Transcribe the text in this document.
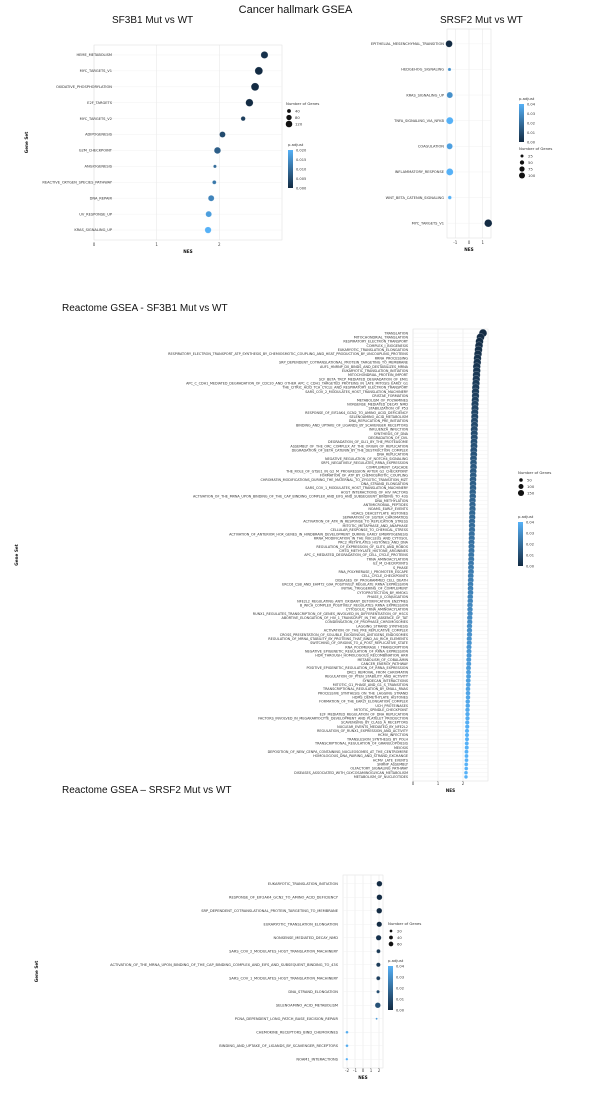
Cancer hallmark GSEA
SF3B1 Mut vs WT	SRSF2 Mut vs WT
Reactome GSEA - SF3B1 Mut vs WT
Reactome GSEA – SRSF2 Mut vs WT
0	1	2
HEME_METABOLISM
MYC_TARGETS_V1
OXIDATIVE_PHOSPHORYLATION
E2F_TARGETS
MYC_TARGETS_V2
ADIPOGENESIS
G2M_CHECKPOINT
ANGIOGENESIS
REACTIVE_OXYGEN_SPECIES_PATHWAY
DNA_REPAIR
UV_RESPONSE_UP
KRAS_SIGNALING_UP
NES
Gene Set
Number of Genes
40
80
120
p.adjust
0.020
0.015
0.010
0.005
0.000
-1	0	1
EPITHELIAL_MESENCHYMAL_TRANSITION
HEDGEHOG_SIGNALING
KRAS_SIGNALING_UP
TNFA_SIGNALING_VIA_NFKB
COAGULATION
INFLAMMATORY_RESPONSE
WNT_BETA_CATENIN_SIGNALING
MYC_TARGETS_V1
NES
Number of Genes
25
50
75
100
p.adjust
0.04
0.03
0.02
0.01
0.00
0	1	2
TRANSLATION
MITOCHONDRIAL_TRANSLATION
RESPIRATORY_ELECTRON_TRANSPORT
COMPLEX_I_BIOGENESIS
EUKARYOTIC_TRANSLATION_ELONGATION
RESPIRATORY_ELECTRON_TRANSPORT_ATP_SYNTHESIS_BY_CHEMIOSMOTIC_COUPLING_AND_HEAT_PRODUCTION_BY_UNCOUPLING_PROTEINS
RRNA_PROCESSING
SRP_DEPENDENT_COTRANSLATIONAL_PROTEIN_TARGETING_TO_MEMBRANE
AUF1_HNRNP_D0_BINDS_AND_DESTABILIZES_MRNA
EUKARYOTIC_TRANSLATION_INITIATION
MITOCHONDRIAL_PROTEIN_IMPORT
SCF_BETA_TRCP_MEDIATED_DEGRADATION_OF_EMI1
APC_C_CDH1_MEDIATED_DEGRADATION_OF_CDC20_AND_OTHER_APC_C_CDH1_TARGETED_PROTEINS_IN_LATE_MITOSIS_EARLY_G1
THE_CITRIC_ACID_TCA_CYCLE_AND_RESPIRATORY_ELECTRON_TRANSPORT
SARS_COV_2_MODULATES_HOST_TRANSLATION_MACHINERY
CRISTAE_FORMATION
METABOLISM_OF_POLYAMINES
NONSENSE_MEDIATED_DECAY_NMD
STABILIZATION_OF_P53
RESPONSE_OF_EIF2AK4_GCN2_TO_AMINO_ACID_DEFICIENCY
SELENOAMINO_ACID_METABOLISM
DNA_REPLICATION_PRE_INITIATION
BINDING_AND_UPTAKE_OF_LIGANDS_BY_SCAVENGER_RECEPTORS
INFLUENZA_INFECTION
SYNTHESIS_OF_DNA
DEGRADATION_OF_DVL
DEGRADATION_OF_GLI1_BY_THE_PROTEASOME
ASSEMBLY_OF_THE_ORC_COMPLEX_AT_THE_ORIGIN_OF_REPLICATION
DEGRADATION_OF_BETA_CATENIN_BY_THE_DESTRUCTION_COMPLEX
DNA_REPLICATION
NEGATIVE_REGULATION_OF_NOTCH4_SIGNALING
SRP1_NEGATIVELY_REGULATES_RRNA_EXPRESSION
COMPLEMENT_CASCADE
THE_ROLE_OF_GTSE1_IN_G2_M_PROGRESSION_AFTER_G2_CHECKPOINT
FORMATION_OF_ATP_BY_CHEMIOSMOTIC_COUPLING
CHROMATIN_MODIFICATIONS_DURING_THE_MATERNAL_TO_ZYGOTIC_TRANSITION_MZT
DNA_STRAND_ELONGATION
SARS_COV_1_MODULATES_HOST_TRANSLATION_MACHINERY
HOST_INTERACTIONS_OF_HIV_FACTORS
ACTIVATION_OF_THE_MRNA_UPON_BINDING_OF_THE_CAP_BINDING_COMPLEX_AND_EIFS_AND_SUBSEQUENT_BINDING_TO_43S
DNA_METHYLATION
ANTIMICROBIAL_PEPTIDES
NOAM1_EARLY_EVENTS
HDACS_DEACETYLATE_HISTONES
SEPARATION_OF_SISTER_CHROMATIDS
ACTIVATION_OF_ATR_IN_RESPONSE_TO_REPLICATION_STRESS
MITOTIC_METAPHASE_AND_ANAPHASE
CELLULAR_RESPONSE_TO_CHEMICAL_STRESS
ACTIVATION_OF_ANTERIOR_HOX_GENES_IN_HINDBRAIN_DEVELOPMENT_DURING_EARLY_EMBRYOGENESIS
RRNA_MODIFICATION_IN_THE_NUCLEUS_AND_CYTOSOL
PRC2_METHYLATES_HISTONES_AND_DNA
REGULATION_OF_EXPRESSION_OF_SLITS_AND_ROBOS
CMTD_METHYLATE_HISTONE_ARGININES
APC_C_MEDIATED_DEGRADATION_OF_CELL_CYCLE_PROTEINS
TRNA_AMINOACYLATION
G2_M_CHECKPOINTS
S_PHASE
RNA_POLYMERASE_I_PROMOTER_ESCAPE
CELL_CYCLE_CHECKPOINTS
DISEASES_OF_PROGRAMMED_CELL_DEATH
ERCC6_CSB_AND_EHMT2_G9A_POSITIVELY_REGULATE_RRNA_EXPRESSION
INITIAL_TRIGGERING_OF_COMPLEMENT
CYTOPROTECTION_BY_HMOX1
PHASE_II_CONJUGATION
NFE2L2_REGULATING_ANTI_OXIDANT_DETOXIFICATION_ENZYMES
B_WICH_COMPLEX_POSITIVELY_REGULATES_RRNA_EXPRESSION
CYTOSOLIC_TRNA_AMINOACYLATION
RUNX1_REGULATES_TRANSCRIPTION_OF_GENES_INVOLVED_IN_DIFFERENTIATION_OF_HSCS
ABORTIVE_ELONGATION_OF_HIV_1_TRANSCRIPT_IN_THE_ABSENCE_OF_TAT
CONDENSATION_OF_PROPHASE_CHROMOSOMES
LAGGING_STRAND_SYNTHESIS
ACTIVATION_OF_THE_PRE_REPLICATIVE_COMPLEX
CROSS_PRESENTATION_OF_SOLUBLE_EXOGENOUS_ANTIGENS_ENDOSOMES
REGULATION_OF_MRNA_STABILITY_BY_PROTEINS_THAT_BIND_AU_RICH_ELEMENTS
SWITCHING_OF_ORIGINS_TO_A_POST_REPLICATIVE_STATE
RNA_POLYMERASE_I_TRANSCRIPTION
NEGATIVE_EPIGENETIC_REGULATION_OF_RRNA_EXPRESSION
HDR_THROUGH_HOMOLOGOUS_RECOMBINATION_HRR
METABOLISM_OF_COBALAMIN
CANCER_ENERGY_PATHWAY
POSITIVE_EPIGENETIC_REGULATION_OF_RRNA_EXPRESSION
DRC1_REMOVAL_FROM_CHROMATIN
REGULATION_OF_PTEN_STABILITY_AND_ACTIVITY
SYNDECAN_INTERACTIONS
MITOTIC_G1_PHASE_AND_G1_S_TRANSITION
TRANSCRIPTIONAL_REGULATION_BY_SMALL_RNAS
PROCESSIVE_SYNTHESIS_ON_THE_LAGGING_STRAND
HDMS_DEMETHYLATE_HISTONES
FORMATION_OF_THE_EARLY_ELONGATION_COMPLEX
UCH_PROTEINASES
MITOTIC_SPINDLE_CHECKPOINT
E2F_MEDIATED_REGULATION_OF_DNA_REPLICATION
FACTORS_INVOLVED_IN_MEGAKARYOCYTE_DEVELOPMENT_AND_PLATELET_PRODUCTION
SCAVENGING_BY_CLASS_A_RECEPTORS
NUCLEAR_EVENTS_MEDIATED_BY_NFE2L2
REGULATION_OF_RUNX1_EXPRESSION_AND_ACTIVITY
HCMV_INFECTION
TRANSLESION_SYNTHESIS_BY_POLH
TRANSCRIPTIONAL_REGULATION_OF_GRANULOPOIESIS
MEIOSIS
DEPOSITION_OF_NEW_CENPA_CONTAINING_NUCLEOSOMES_AT_THE_CENTROMERE
HOMOLOGOUS_DNA_PAIRING_AND_STRAND_EXCHANGE
HCMV_LATE_EVENTS
SNRNP_ASSEMBLY
OLFACTORY_SIGNALING_PATHWAY
DISEASES_ASSOCIATED_WITH_GLYCOSAMINOGLYCAN_METABOLISM
METABOLISM_OF_NUCLEOTIDES
NES
Gene Set
Number of Genes
50
100
150
p.adjust
0.04
0.03
0.02
0.01
0.00
-2 -1 0 1 2
EUKARYOTIC_TRANSLATION_INITIATION
RESPONSE_OF_EIF2AK4_GCN2_TO_AMINO_ACID_DEFICIENCY
SRP_DEPENDENT_COTRANSLATIONAL_PROTEIN_TARGETING_TO_MEMBRANE
EUKARYOTIC_TRANSLATION_ELONGATION
NONSENSE_MEDIATED_DECAY_NMD
SARS_COV_2_MODULATES_HOST_TRANSLATION_MACHINERY
ACTIVATION_OF_THE_MRNA_UPON_BINDING_OF_THE_CAP_BINDING_COMPLEX_AND_EIFS_AND_SUBSEQUENT_BINDING_TO_43S
SARS_COV_1_MODULATES_HOST_TRANSLATION_MACHINERY
DNA_STRAND_ELONGATION
SELENOAMINO_ACID_METABOLISM
PCNA_DEPENDENT_LONG_PATCH_BASE_EXCISION_REPAIR
CHEMOKINE_RECEPTORS_BIND_CHEMOKINES
BINDING_AND_UPTAKE_OF_LIGANDS_BY_SCAVENGER_RECEPTORS
NOAM1_INTERACTIONS
NES
Gene Set
Number of Genes
20
40
60
p.adjust
0.04
0.03
0.02
0.01
0.00
